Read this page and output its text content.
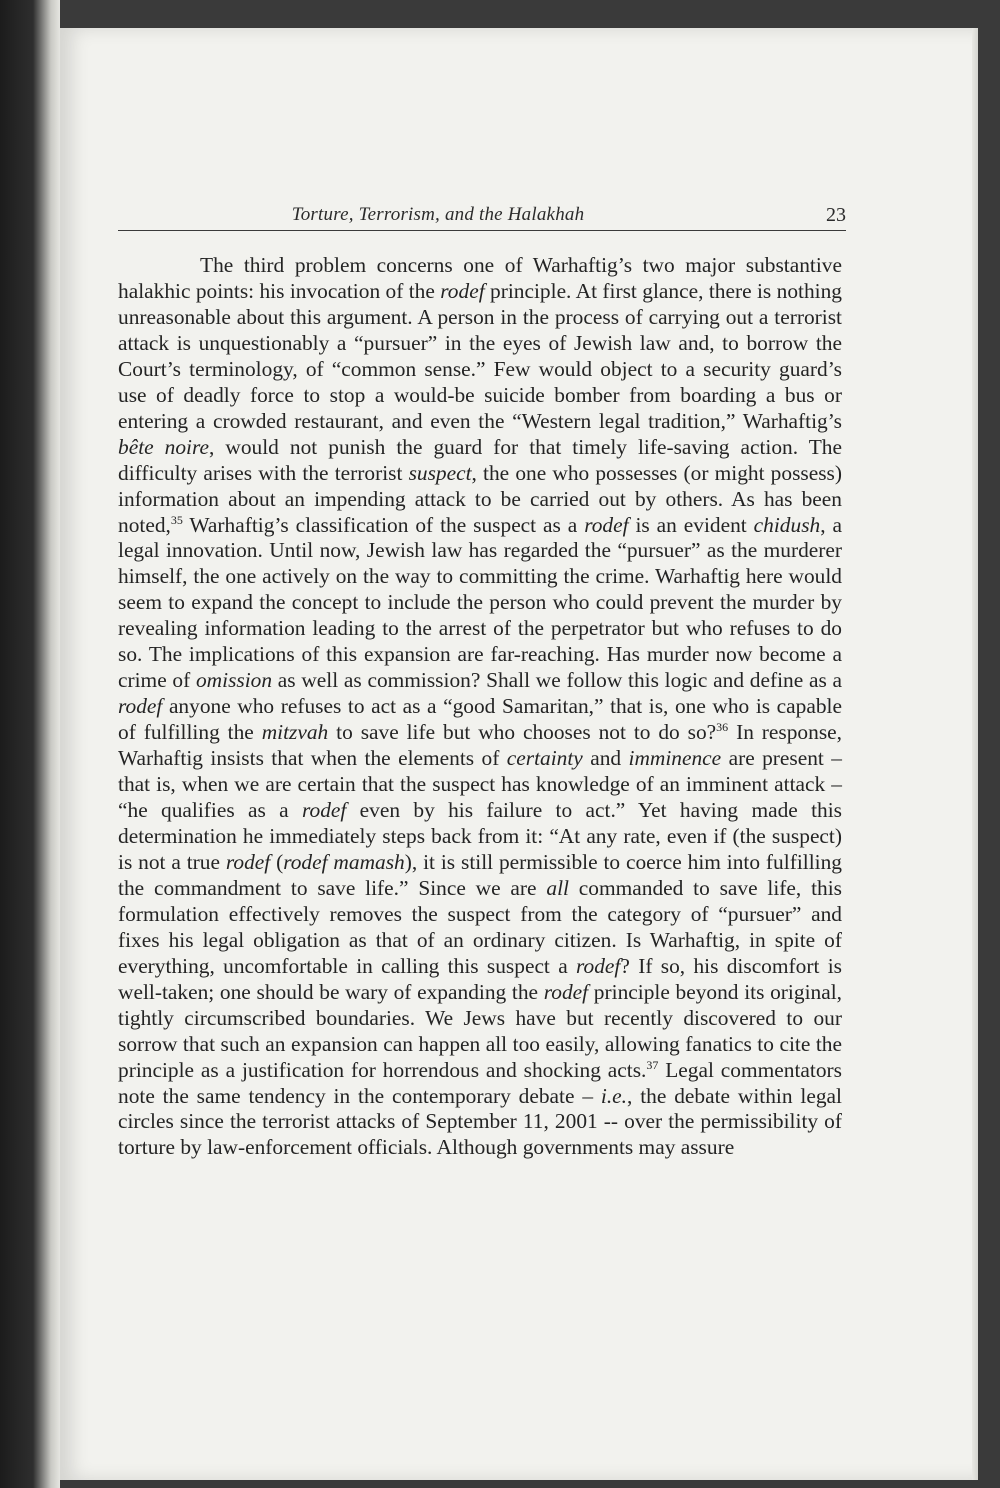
Torture, Terrorism, and the Halakhah	23

The third problem concerns one of Warhaftig’s two major substantive halakhic points: his invocation of the rodef principle. At first glance, there is nothing unreasonable about this argument. A person in the process of carrying out a terrorist attack is unquestionably a “pursuer” in the eyes of Jewish law and, to borrow the Court’s terminology, of “common sense.” Few would object to a security guard’s use of deadly force to stop a would-be suicide bomber from boarding a bus or entering a crowded restaurant, and even the “Western legal tradition,” Warhaftig’s bête noire, would not punish the guard for that timely life-saving action. The difficulty arises with the terrorist suspect, the one who possesses (or might possess) information about an impending attack to be carried out by others. As has been noted,$^{35}$ Warhaftig’s classification of the suspect as a rodef is an evident chidush, a legal innovation. Until now, Jewish law has regarded the “pursuer” as the murderer himself, the one actively on the way to committing the crime. Warhaftig here would seem to expand the concept to include the person who could prevent the murder by revealing information leading to the arrest of the perpetrator but who refuses to do so. The implications of this expansion are far-reaching. Has murder now become a crime of omission as well as commission? Shall we follow this logic and define as a rodef anyone who refuses to act as a “good Samaritan,” that is, one who is capable of fulfilling the mitzvah to save life but who chooses not to do so?$^{36}$ In response, Warhaftig insists that when the elements of certainty and imminence are present – that is, when we are certain that the suspect has knowledge of an imminent attack – “he qualifies as a rodef even by his failure to act.” Yet having made this determination he immediately steps back from it: “At any rate, even if (the suspect) is not a true rodef (rodef mamash), it is still permissible to coerce him into fulfilling the commandment to save life.” Since we are all commanded to save life, this formulation effectively removes the suspect from the category of “pursuer” and fixes his legal obligation as that of an ordinary citizen. Is Warhaftig, in spite of everything, uncomfortable in calling this suspect a rodef? If so, his discomfort is well-taken; one should be wary of expanding the rodef principle beyond its original, tightly circumscribed boundaries. We Jews have but recently discovered to our sorrow that such an expansion can happen all too easily, allowing fanatics to cite the principle as a justification for horrendous and shocking acts.$^{37}$ Legal commentators note the same tendency in the contemporary debate – i.e., the debate within legal circles since the terrorist attacks of September 11, 2001 -- over the permissibility of torture by law-enforcement officials. Although governments may assure
